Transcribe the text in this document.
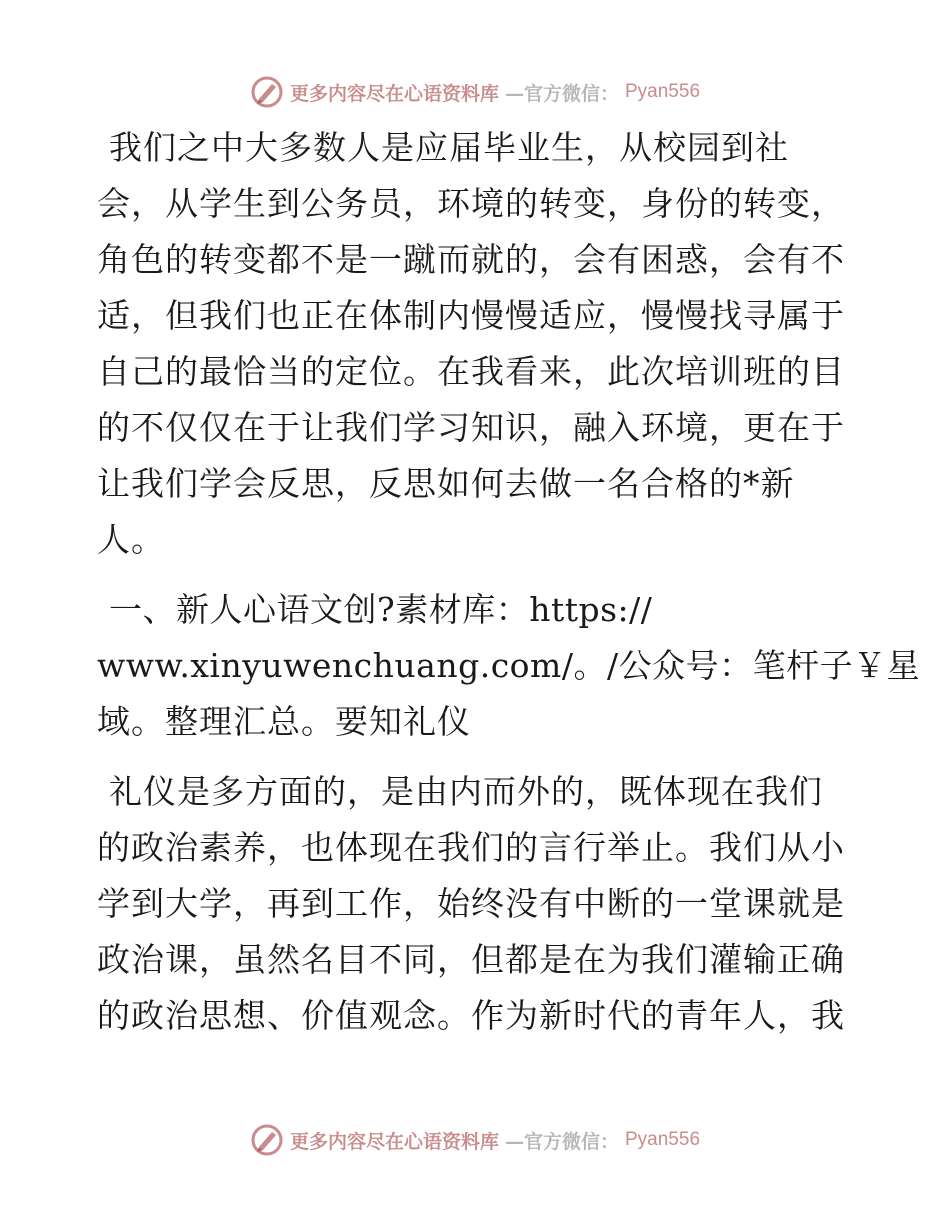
更多内容尽在心语资料库 —官方微信： Pyan556
我们之中大多数人是应届毕业生，从校园到社
会，从学生到公务员，环境的转变，身份的转变，
角色的转变都不是一蹴而就的，会有困惑，会有不
适，但我们也正在体制内慢慢适应，慢慢找寻属于
自己的最恰当的定位。在我看来，此次培训班的目
的不仅仅在于让我们学习知识，融入环境，更在于
让我们学会反思，反思如何去做一名合格的*新
人。
一、新人心语文创?素材库：https://
www.xinyuwenchuang.com/。/公众号：笔杆子￥星
域。整理汇总。要知礼仪
礼仪是多方面的，是由内而外的，既体现在我们
的政治素养，也体现在我们的言行举止。我们从小
学到大学，再到工作，始终没有中断的一堂课就是
政治课，虽然名目不同，但都是在为我们灌输正确
的政治思想、价值观念。作为新时代的青年人，我
更多内容尽在心语资料库 —官方微信： Pyan556
